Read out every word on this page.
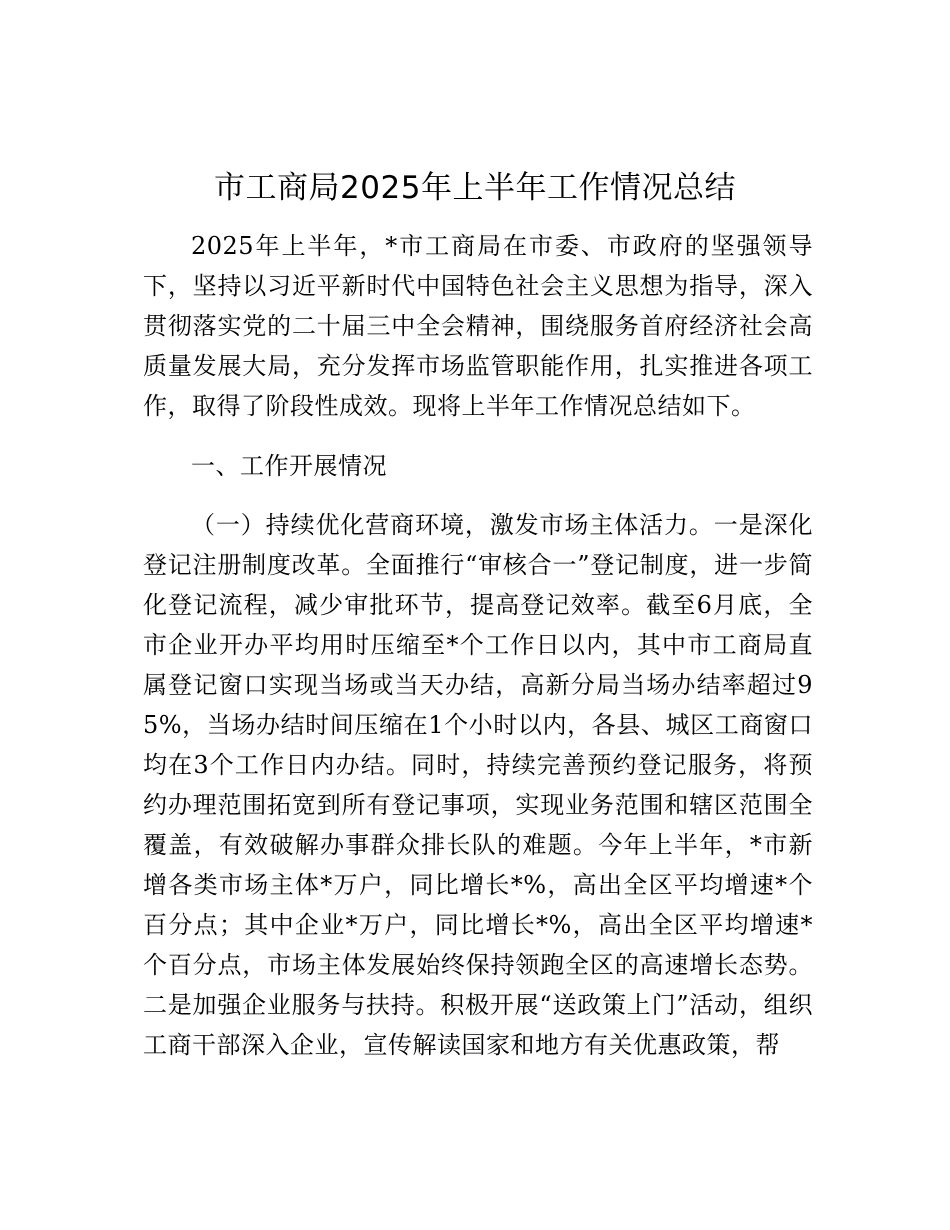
市工商局2025年上半年工作情况总结

2025年上半年，*市工商局在市委、市政府的坚强领导下，坚持以习近平新时代中国特色社会主义思想为指导，深入贯彻落实党的二十届三中全会精神，围绕服务首府经济社会高质量发展大局，充分发挥市场监管职能作用，扎实推进各项工作，取得了阶段性成效。现将上半年工作情况总结如下。

一、工作开展情况

（一）持续优化营商环境，激发市场主体活力。一是深化登记注册制度改革。全面推行“审核合一”登记制度，进一步简化登记流程，减少审批环节，提高登记效率。截至6月底，全市企业开办平均用时压缩至*个工作日以内，其中市工商局直属登记窗口实现当场或当天办结，高新分局当场办结率超过95%，当场办结时间压缩在1个小时以内，各县、城区工商窗口均在3个工作日内办结。同时，持续完善预约登记服务，将预约办理范围拓宽到所有登记事项，实现业务范围和辖区范围全覆盖，有效破解办事群众排长队的难题。今年上半年，*市新增各类市场主体*万户，同比增长*%，高出全区平均增速*个百分点；其中企业*万户，同比增长*%，高出全区平均增速*个百分点，市场主体发展始终保持领跑全区的高速增长态势。二是加强企业服务与扶持。积极开展“送政策上门”活动，组织工商干部深入企业，宣传解读国家和地方有关优惠政策，帮
